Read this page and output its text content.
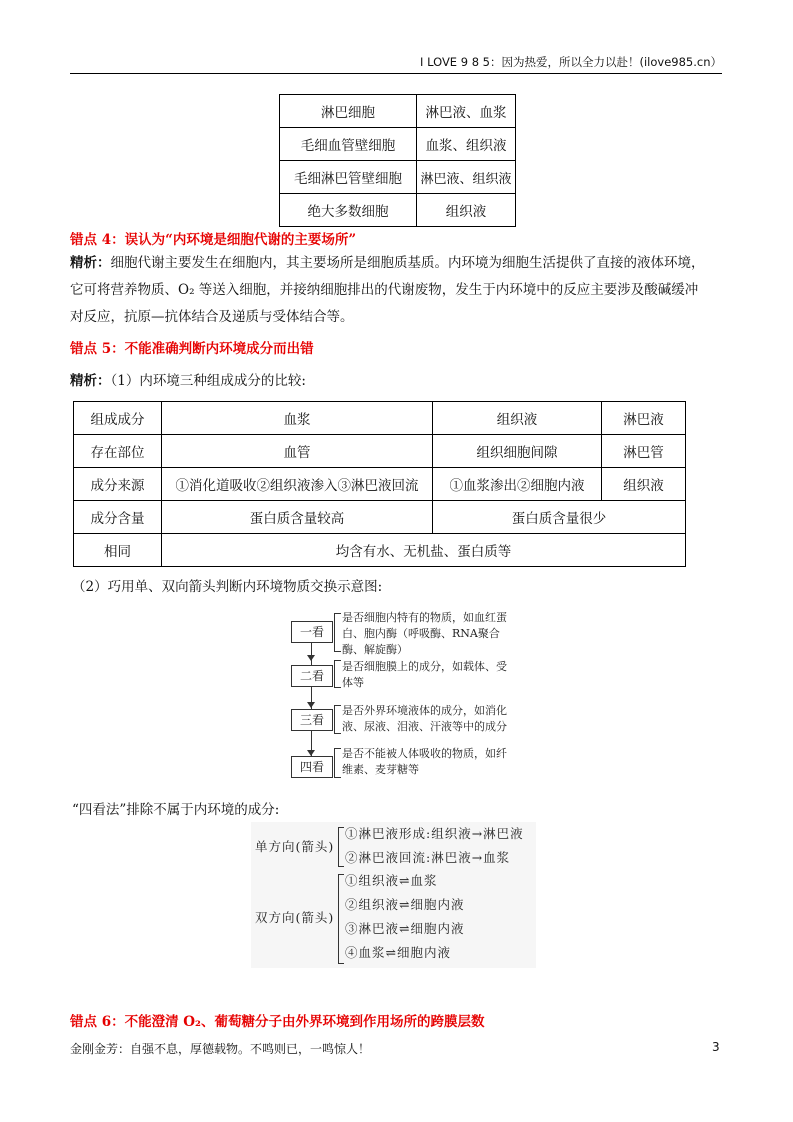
I LOVE 9 8 5：因为热爱，所以全力以赴！(ilove985.cn）
淋巴细胞	淋巴液、血浆
毛细血管壁细胞	血浆、组织液
毛细淋巴管壁细胞	淋巴液、组织液
绝大多数细胞	组织液
错点 4：误认为“内环境是细胞代谢的主要场所”
精析：细胞代谢主要发生在细胞内，其主要场所是细胞质基质。内环境为细胞生活提供了直接的液体环境，
它可将营养物质、O₂ 等送入细胞，并接纳细胞排出的代谢废物，发生于内环境中的反应主要涉及酸碱缓冲
对反应，抗原—抗体结合及递质与受体结合等。
错点 5：不能准确判断内环境成分而出错
精析：（1）内环境三种组成成分的比较:
组成成分	血浆	组织液	淋巴液
存在部位	血管	组织细胞间隙	淋巴管
成分来源	①消化道吸收②组织液渗入③淋巴液回流	①血浆渗出②细胞内液	组织液
成分含量	蛋白质含量较高	蛋白质含量很少	
相同	均含有水、无机盐、蛋白质等		
（2）巧用单、双向箭头判断内环境物质交换示意图:
一看
是否细胞内特有的物质，如血红蛋白、胞内酶（呼吸酶、RNA聚合酶、解旋酶）
二看
是否细胞膜上的成分，如载体、受体等
三看
是否外界环境液体的成分，如消化液、尿液、泪液、汗液等中的成分
四看
是否不能被人体吸收的物质，如纤维素、麦芽糖等
“四看法”排除不属于内环境的成分:
单方向(箭头)
①淋巴液形成:组织液→淋巴液
②淋巴液回流:淋巴液→血浆
双方向(箭头)
①组织液⇌血浆
②组织液⇌细胞内液
③淋巴液⇌细胞内液
④血浆⇌细胞内液
错点 6：不能澄清 O₂、葡萄糖分子由外界环境到作用场所的跨膜层数
金刚金芳：自强不息，厚德载物。不鸣则已，一鸣惊人！	3
